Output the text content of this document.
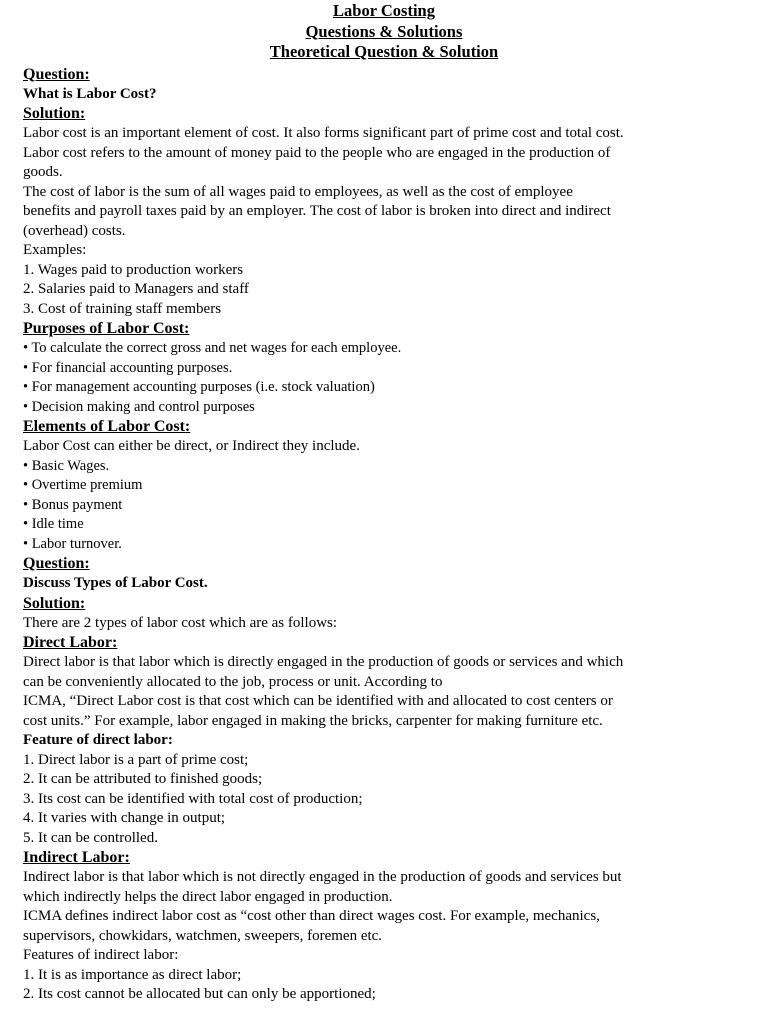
Labor Costing
Questions & Solutions
Theoretical Question & Solution
Question:
What is Labor Cost?
Solution:
Labor cost is an important element of cost. It also forms significant part of prime cost and total cost.
Labor cost refers to the amount of money paid to the people who are engaged in the production of
goods.
The cost of labor is the sum of all wages paid to employees, as well as the cost of employee
benefits and payroll taxes paid by an employer. The cost of labor is broken into direct and indirect
(overhead) costs.
Examples:
1. Wages paid to production workers
2. Salaries paid to Managers and staff
3. Cost of training staff members
Purposes of Labor Cost:
• To calculate the correct gross and net wages for each employee.
• For financial accounting purposes.
• For management accounting purposes (i.e. stock valuation)
• Decision making and control purposes
Elements of Labor Cost:
Labor Cost can either be direct, or Indirect they include.
• Basic Wages.
• Overtime premium
• Bonus payment
• Idle time
• Labor turnover.
Question:
Discuss Types of Labor Cost.
Solution:
There are 2 types of labor cost which are as follows:
Direct Labor:
Direct labor is that labor which is directly engaged in the production of goods or services and which
can be conveniently allocated to the job, process or unit. According to
ICMA, “Direct Labor cost is that cost which can be identified with and allocated to cost centers or
cost units.” For example, labor engaged in making the bricks, carpenter for making furniture etc.
Feature of direct labor:
1. Direct labor is a part of prime cost;
2. It can be attributed to finished goods;
3. Its cost can be identified with total cost of production;
4. It varies with change in output;
5. It can be controlled.
Indirect Labor:
Indirect labor is that labor which is not directly engaged in the production of goods and services but
which indirectly helps the direct labor engaged in production.
ICMA defines indirect labor cost as “cost other than direct wages cost. For example, mechanics,
supervisors, chowkidars, watchmen, sweepers, foremen etc.
Features of indirect labor:
1. It is as importance as direct labor;
2. Its cost cannot be allocated but can only be apportioned;
